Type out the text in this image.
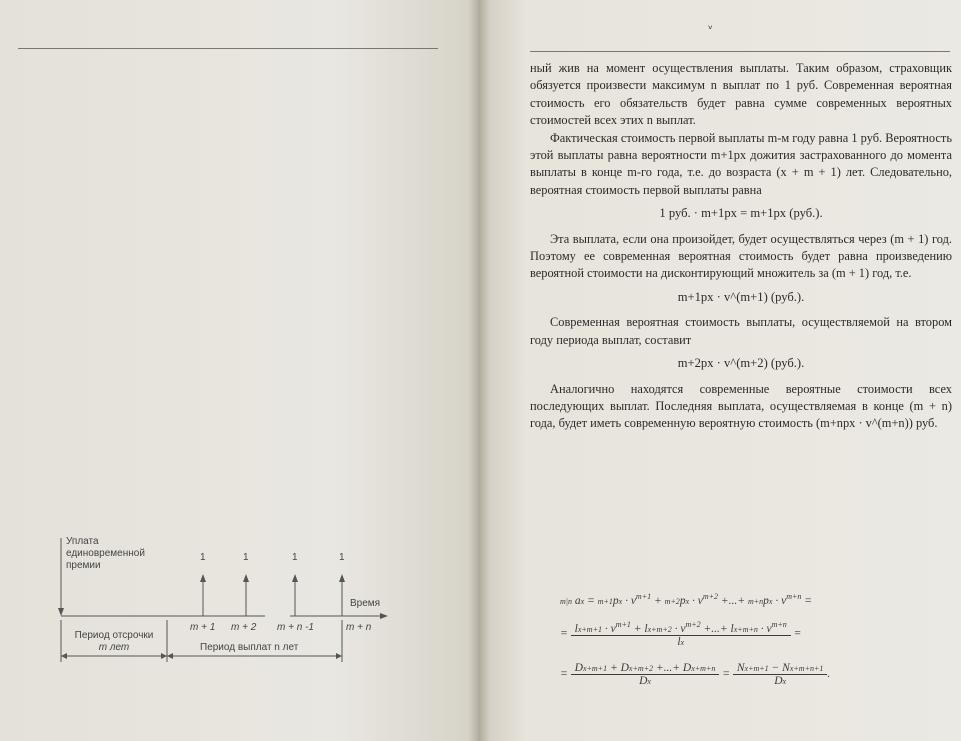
ᵛ

ный жив на момент осуществления выплаты. Таким образом, страховщик обязуется произвести максимум n выплат по 1 руб. Современная вероятная стоимость его обязательств будет равна сумме современных вероятных стоимостей всех этих n выплат.

Фактическая стоимость первой выплаты m-м году равна 1 руб. Вероятность этой выплаты равна вероятности m+1px дожития застрахованного до момента выплаты в конце m-го года, т.е. до возраста (x + m + 1) лет. Следовательно, вероятная стоимость первой выплаты равна

1 руб. · m+1px = m+1px (руб.).

Эта выплата, если она произойдет, будет осуществляться через (m + 1) год. Поэтому ее современная вероятная стоимость будет равна произведению вероятной стоимости на дисконтирующий множитель за (m + 1) год, т.е.

m+1px · v^(m+1) (руб.).

Современная вероятная стоимость выплаты, осуществляемой на втором году периода выплат, составит

m+2px · v^(m+2) (руб.).

Аналогично находятся современные вероятные стоимости всех последующих выплат. Последняя выплата, осуществляемая в конце (m + n) года, будет иметь современную вероятную стоимость (m+npx · v^(m+n)) руб.

m|n ax = $m+1px \cdot v^{m+1} + m+2px \cdot v^{m+2}$ +...+ $m+npx \cdot v^{m+n}$ =
= $\frac{lx+m+1 \cdot v^{m+1} + lx+m+2 \cdot v^{m+2} +...+ lx+m+n \cdot v^{m+n}}{lx}$ =
= $\frac{Dx+m+1 + Dx+m+2 +...+ Dx+m+n}{Dx} = \frac{Nx+m+1 - Nx+m+n+1}{Dx}$ .
Уплата
единовременной
премии
1	1	1	1
Время
m + 1 m + 2 m + n -1	m + n
Период отсрочки
m лет	Период выплат n лет
